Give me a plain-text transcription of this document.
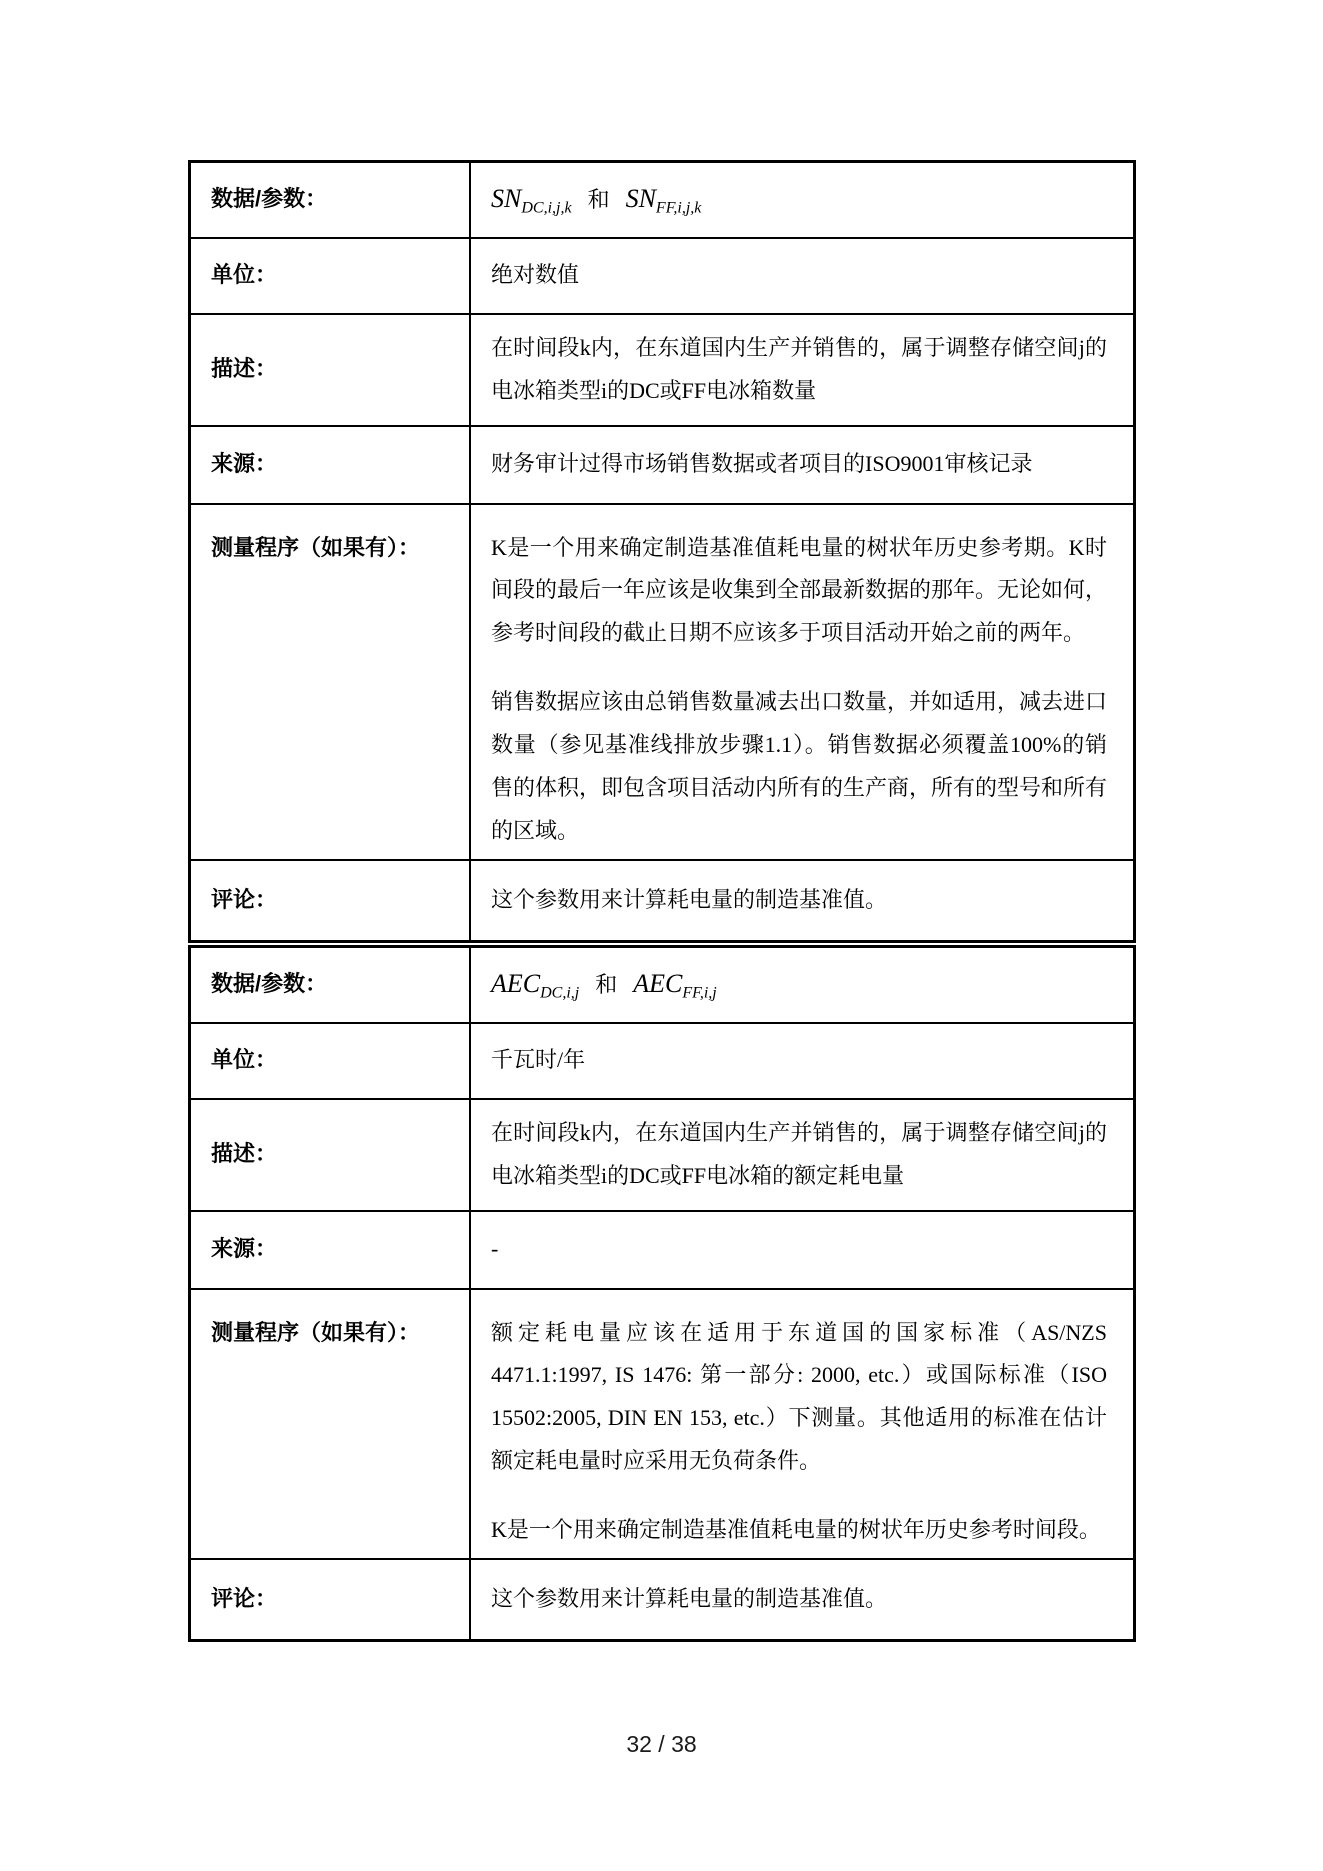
数据/参数：	$SN_{DC,i,j,k}$ 和 $SN_{FF,i,j,k}$
单位：	绝对数值
描述：	在时间段k内，在东道国内生产并销售的，属于调整存储空间j的电冰箱类型i的DC或FF电冰箱数量
来源：	财务审计过得市场销售数据或者项目的ISO9001审核记录
测量程序（如果有）：	K是一个用来确定制造基准值耗电量的树状年历史参考期。K时间段的最后一年应该是收集到全部最新数据的那年。无论如何，参考时间段的截止日期不应该多于项目活动开始之前的两年。

销售数据应该由总销售数量减去出口数量，并如适用，减去进口数量（参见基准线排放步骤1.1）。销售数据必须覆盖100%的销售的体积，即包含项目活动内所有的生产商，所有的型号和所有的区域。

评论：	这个参数用来计算耗电量的制造基准值。
数据/参数：	$AEC_{DC,i,j}$ 和 $AEC_{FF,i,j}$
单位：	千瓦时/年
描述：	在时间段k内，在东道国内生产并销售的，属于调整存储空间j的电冰箱类型i的DC或FF电冰箱的额定耗电量
来源：	-
测量程序（如果有）：	额定耗电量应该在适用于东道国的国家标准（AS/NZS 4471.1:1997, IS 1476: 第一部分: 2000, etc.）或国际标准（ISO 15502:2005, DIN EN 153, etc.）下测量。其他适用的标准在估计额定耗电量时应采用无负荷条件。

K是一个用来确定制造基准值耗电量的树状年历史参考时间段。

评论：	这个参数用来计算耗电量的制造基准值。
32 / 38
